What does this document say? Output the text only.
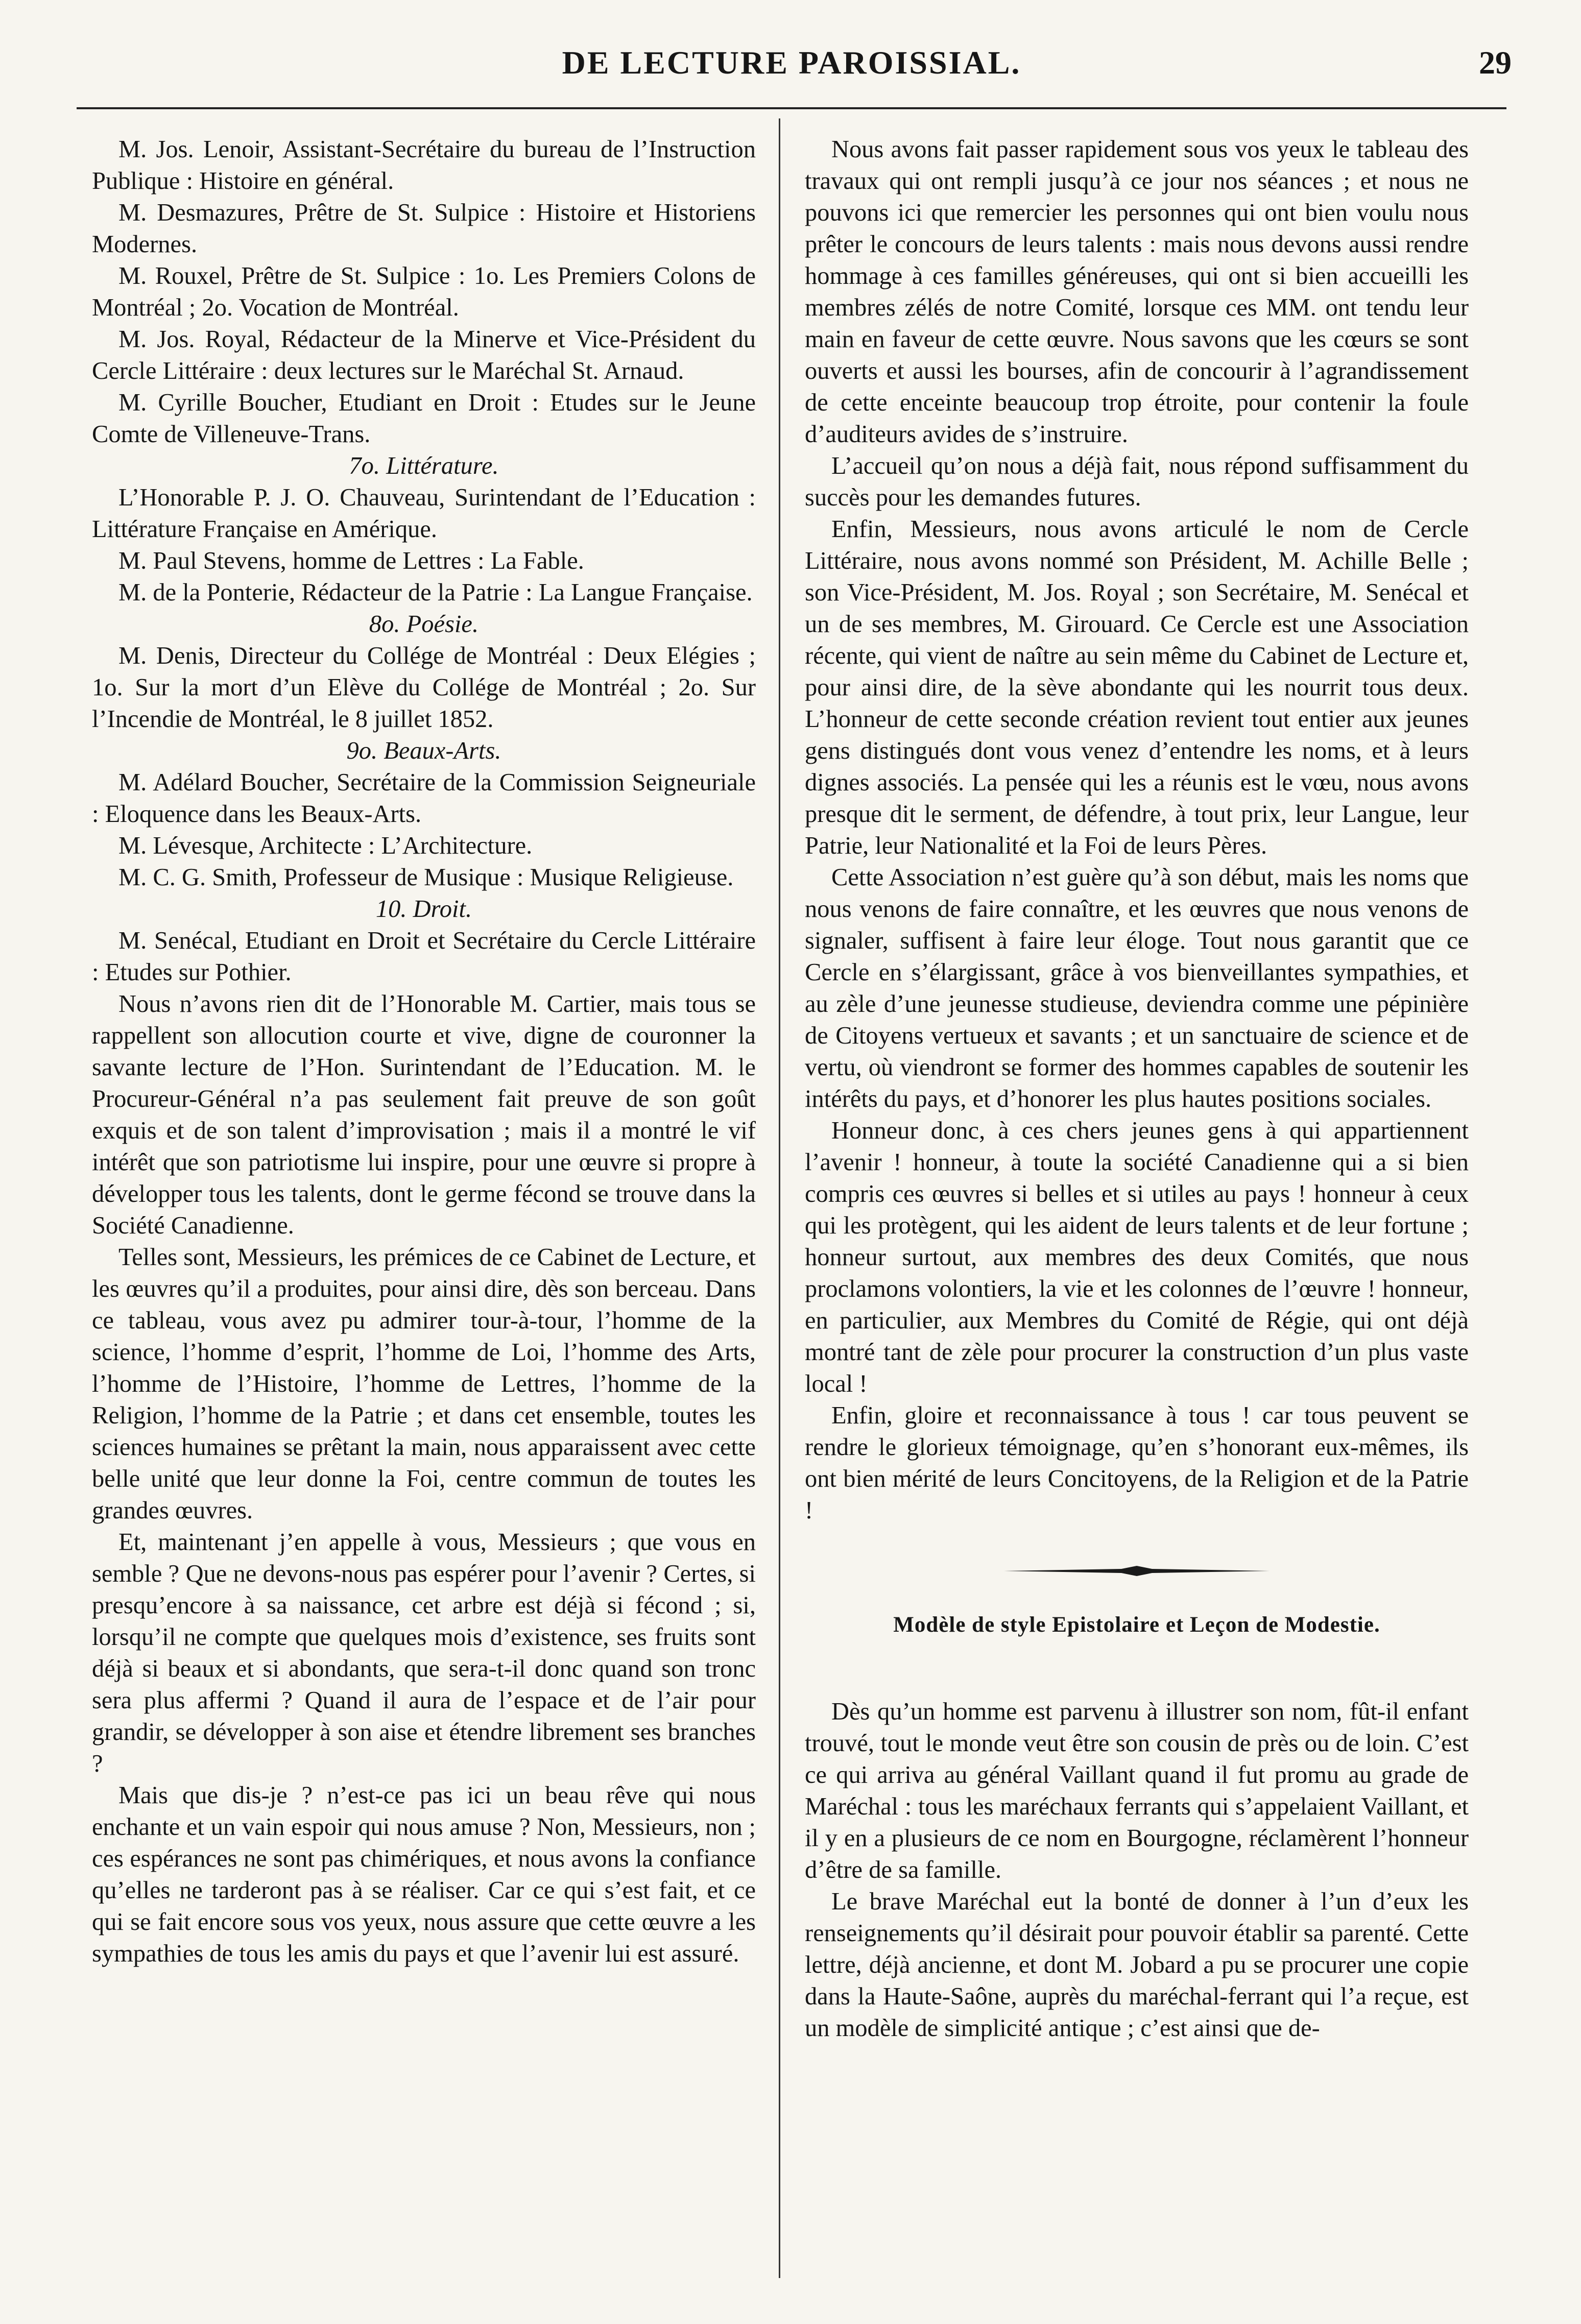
DE LECTURE PAROISSIAL.	29

M. Jos. Lenoir, Assistant-Secrétaire du bureau de l’Instruction Publique : Histoire en général.

M. Desmazures, Prêtre de St. Sulpice : Histoire et Historiens Modernes.

M. Rouxel, Prêtre de St. Sulpice : 1o. Les Premiers Colons de Montréal ; 2o. Vocation de Montréal.

M. Jos. Royal, Rédacteur de la Minerve et Vice-Président du Cercle Littéraire : deux lectures sur le Maréchal St. Arnaud.

M. Cyrille Boucher, Etudiant en Droit : Etudes sur le Jeune Comte de Villeneuve-Trans.

7o. Littérature.

L’Honorable P. J. O. Chauveau, Surintendant de l’Education : Littérature Française en Amérique.

M. Paul Stevens, homme de Lettres : La Fable.

M. de la Ponterie, Rédacteur de la Patrie : La Langue Française.

8o. Poésie.

M. Denis, Directeur du Collége de Montréal : Deux Elégies ; 1o. Sur la mort d’un Elève du Collége de Montréal ; 2o. Sur l’Incendie de Montréal, le 8 juillet 1852.

9o. Beaux-Arts.

M. Adélard Boucher, Secrétaire de la Commission Seigneuriale : Eloquence dans les Beaux-Arts.

M. Lévesque, Architecte : L’Architecture.

M. C. G. Smith, Professeur de Musique : Musique Religieuse.

10. Droit.

M. Senécal, Etudiant en Droit et Secrétaire du Cercle Littéraire : Etudes sur Pothier.

Nous n’avons rien dit de l’Honorable M. Cartier, mais tous se rappellent son allocution courte et vive, digne de couronner la savante lecture de l’Hon. Surintendant de l’Education. M. le Procureur-Général n’a pas seulement fait preuve de son goût exquis et de son talent d’improvisation ; mais il a montré le vif intérêt que son patriotisme lui inspire, pour une œuvre si propre à développer tous les talents, dont le germe fécond se trouve dans la Société Canadienne.

Telles sont, Messieurs, les prémices de ce Cabinet de Lecture, et les œuvres qu’il a produites, pour ainsi dire, dès son berceau. Dans ce tableau, vous avez pu admirer tour-à-tour, l’homme de la science, l’homme d’esprit, l’homme de Loi, l’homme des Arts, l’homme de l’Histoire, l’homme de Lettres, l’homme de la Religion, l’homme de la Patrie ; et dans cet ensemble, toutes les sciences humaines se prêtant la main, nous apparaissent avec cette belle unité que leur donne la Foi, centre commun de toutes les grandes œuvres.

Et, maintenant j’en appelle à vous, Messieurs ; que vous en semble ? Que ne devons-nous pas espérer pour l’avenir ? Certes, si presqu’encore à sa naissance, cet arbre est déjà si fécond ; si, lorsqu’il ne compte que quelques mois d’existence, ses fruits sont déjà si beaux et si abondants, que sera-t-il donc quand son tronc sera plus affermi ? Quand il aura de l’espace et de l’air pour grandir, se développer à son aise et étendre librement ses branches ?

Mais que dis-je ? n’est-ce pas ici un beau rêve qui nous enchante et un vain espoir qui nous amuse ? Non, Messieurs, non ; ces espérances ne sont pas chimériques, et nous avons la confiance qu’elles ne tarderont pas à se réaliser. Car ce qui s’est fait, et ce qui se fait encore sous vos yeux, nous assure que cette œuvre a les sympathies de tous les amis du pays et que l’avenir lui est assuré.

Nous avons fait passer rapidement sous vos yeux le tableau des travaux qui ont rempli jusqu’à ce jour nos séances ; et nous ne pouvons ici que remercier les personnes qui ont bien voulu nous prêter le concours de leurs talents : mais nous devons aussi rendre hommage à ces familles généreuses, qui ont si bien accueilli les membres zélés de notre Comité, lorsque ces MM. ont tendu leur main en faveur de cette œuvre. Nous savons que les cœurs se sont ouverts et aussi les bourses, afin de concourir à l’agrandissement de cette enceinte beaucoup trop étroite, pour contenir la foule d’auditeurs avides de s’instruire.

L’accueil qu’on nous a déjà fait, nous répond suffisamment du succès pour les demandes futures.

Enfin, Messieurs, nous avons articulé le nom de Cercle Littéraire, nous avons nommé son Président, M. Achille Belle ; son Vice-Président, M. Jos. Royal ; son Secrétaire, M. Senécal et un de ses membres, M. Girouard. Ce Cercle est une Association récente, qui vient de naître au sein même du Cabinet de Lecture et, pour ainsi dire, de la sève abondante qui les nourrit tous deux. L’honneur de cette seconde création revient tout entier aux jeunes gens distingués dont vous venez d’entendre les noms, et à leurs dignes associés. La pensée qui les a réunis est le vœu, nous avons presque dit le serment, de défendre, à tout prix, leur Langue, leur Patrie, leur Nationalité et la Foi de leurs Pères.

Cette Association n’est guère qu’à son début, mais les noms que nous venons de faire connaître, et les œuvres que nous venons de signaler, suffisent à faire leur éloge. Tout nous garantit que ce Cercle en s’élargissant, grâce à vos bienveillantes sympathies, et au zèle d’une jeunesse studieuse, deviendra comme une pépinière de Citoyens vertueux et savants ; et un sanctuaire de science et de vertu, où viendront se former des hommes capables de soutenir les intérêts du pays, et d’honorer les plus hautes positions sociales.

Honneur donc, à ces chers jeunes gens à qui appartiennent l’avenir ! honneur, à toute la société Canadienne qui a si bien compris ces œuvres si belles et si utiles au pays ! honneur à ceux qui les protègent, qui les aident de leurs talents et de leur fortune ; honneur surtout, aux membres des deux Comités, que nous proclamons volontiers, la vie et les colonnes de l’œuvre ! honneur, en particulier, aux Membres du Comité de Régie, qui ont déjà montré tant de zèle pour procurer la construction d’un plus vaste local !

Enfin, gloire et reconnaissance à tous ! car tous peuvent se rendre le glorieux témoignage, qu’en s’honorant eux-mêmes, ils ont bien mérité de leurs Concitoyens, de la Religion et de la Patrie !

Modèle de style Epistolaire et Leçon de Modestie.

Dès qu’un homme est parvenu à illustrer son nom, fût-il enfant trouvé, tout le monde veut être son cousin de près ou de loin. C’est ce qui arriva au général Vaillant quand il fut promu au grade de Maréchal : tous les maréchaux ferrants qui s’appelaient Vaillant, et il y en a plusieurs de ce nom en Bourgogne, réclamèrent l’honneur d’être de sa famille.

Le brave Maréchal eut la bonté de donner à l’un d’eux les renseignements qu’il désirait pour pouvoir établir sa parenté. Cette lettre, déjà ancienne, et dont M. Jobard a pu se procurer une copie dans la Haute-Saône, auprès du maréchal-ferrant qui l’a reçue, est un modèle de simplicité antique ; c’est ainsi que de-
